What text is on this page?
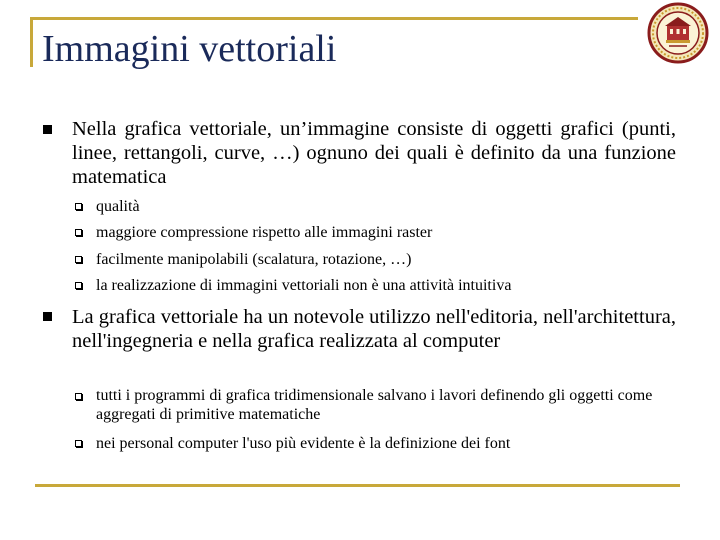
Immagini vettoriali

Nella grafica vettoriale, un’immagine consiste di oggetti grafici (punti, linee, rettangoli, curve, …) ognuno dei quali è definito da una funzione matematica

qualità

maggiore compressione rispetto alle immagini raster

facilmente manipolabili (scalatura, rotazione, …)

la realizzazione di immagini vettoriali non è una attività intuitiva

La grafica vettoriale ha un notevole utilizzo nell'editoria, nell'architettura, nell'ingegneria e nella grafica realizzata al computer

tutti i programmi di grafica tridimensionale salvano i lavori definendo gli oggetti come aggregati di primitive matematiche

nei personal computer l'uso più evidente è la definizione dei font
